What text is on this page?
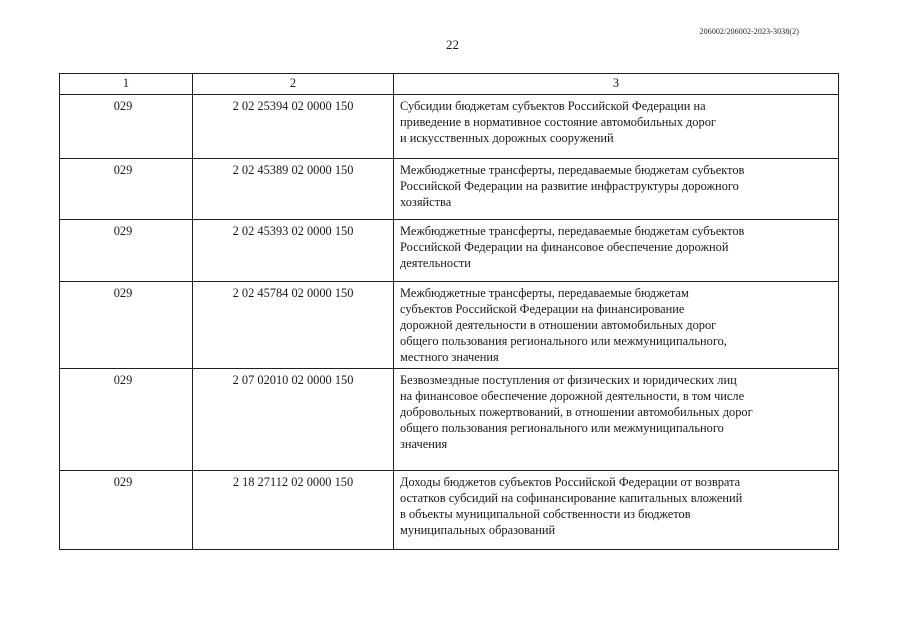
206002/206002-2023-3038(2)
22
1	2	3
029	2 02 25394 02 0000 150	Субсидии бюджетам субъектов Российской Федерации на
приведение в нормативное состояние автомобильных дорог
и искусственных дорожных сооружений

029	2 02 45389 02 0000 150	Межбюджетные трансферты, передаваемые бюджетам субъектов
Российской Федерации на развитие инфраструктуры дорожного
хозяйства

029	2 02 45393 02 0000 150	Межбюджетные трансферты, передаваемые бюджетам субъектов
Российской Федерации на финансовое обеспечение дорожной
деятельности

029	2 02 45784 02 0000 150	Межбюджетные трансферты, передаваемые бюджетам
субъектов Российской Федерации на финансирование
дорожной деятельности в отношении автомобильных дорог
общего пользования регионального или межмуниципального,
местного значения

029	2 07 02010 02 0000 150	Безвозмездные поступления от физических и юридических лиц
на финансовое обеспечение дорожной деятельности, в том числе
добровольных пожертвований, в отношении автомобильных дорог
общего пользования регионального или межмуниципального
значения

029	2 18 27112 02 0000 150	Доходы бюджетов субъектов Российской Федерации от возврата
остатков субсидий на софинансирование капитальных вложений
в объекты муниципальной собственности из бюджетов
муниципальных образований
